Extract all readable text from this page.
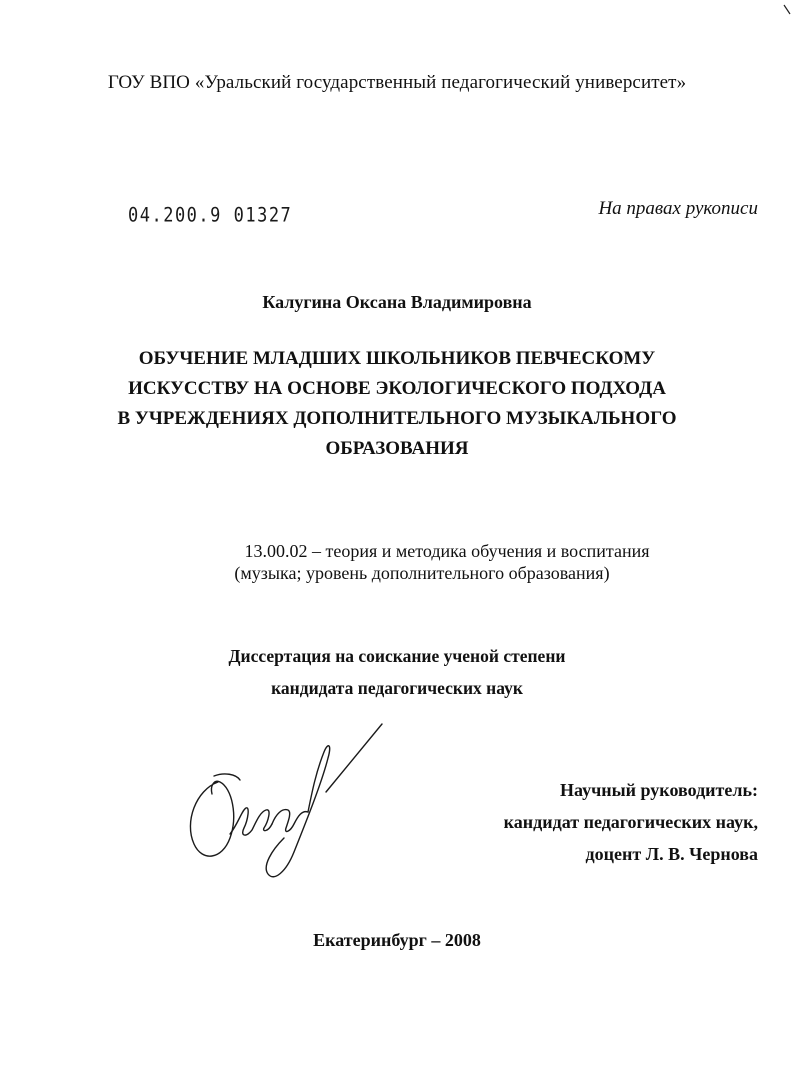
ГОУ ВПО «Уральский государственный педагогический университет»
04.200.9 01327	На правах рукописи
Калугина Оксана Владимировна
ОБУЧЕНИЕ МЛАДШИХ ШКОЛЬНИКОВ ПЕВЧЕСКОМУ
ИСКУССТВУ НА ОСНОВЕ ЭКОЛОГИЧЕСКОГО ПОДХОДА
В УЧРЕЖДЕНИЯХ ДОПОЛНИТЕЛЬНОГО МУЗЫКАЛЬНОГО
ОБРАЗОВАНИЯ
13.00.02 – теория и методика обучения и воспитания
(музыка; уровень дополнительного образования)
Диссертация на соискание ученой степени
кандидата педагогических наук
Научный руководитель:
кандидат педагогических наук,
доцент Л. В. Чернова
Екатеринбург – 2008
